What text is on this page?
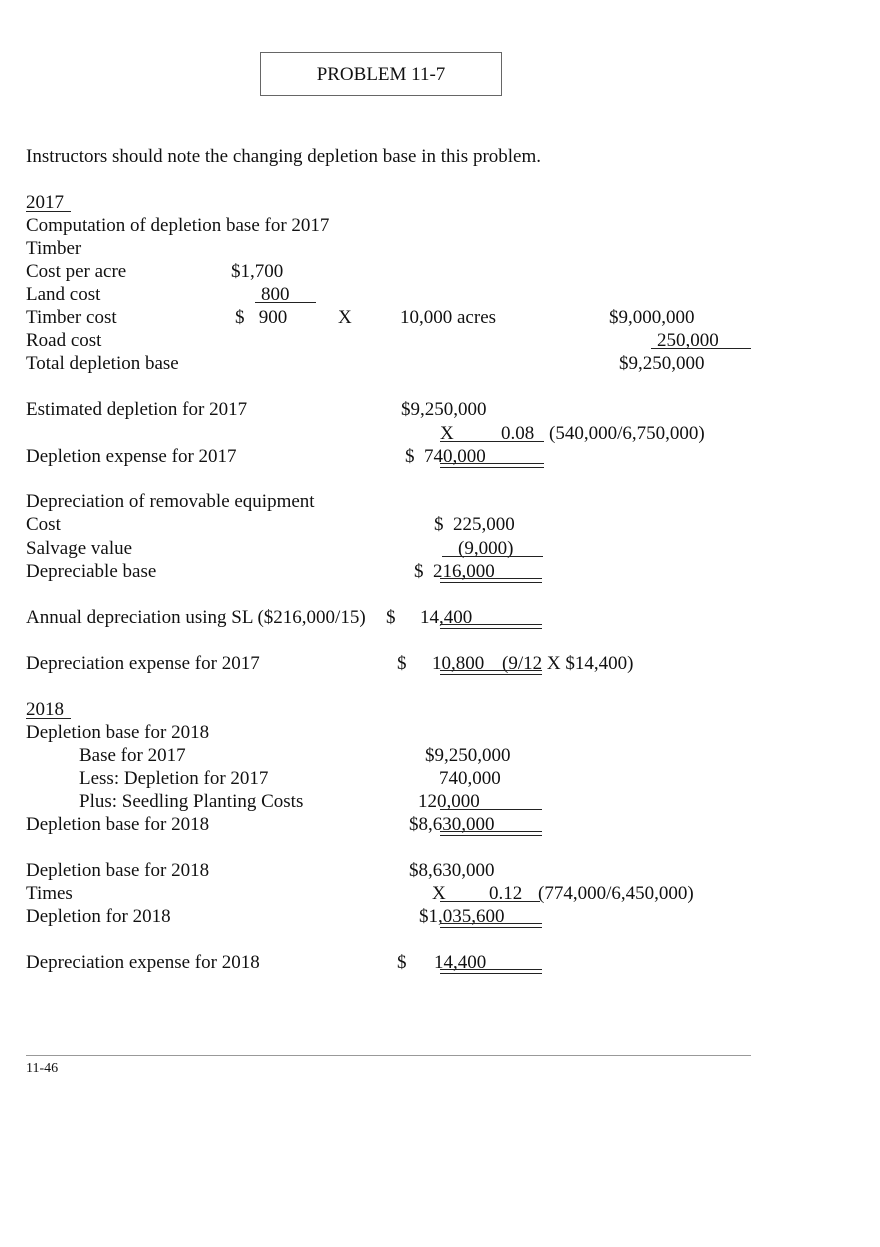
PROBLEM 11-7
Instructors should note the changing depletion base in this problem.
2017
Computation of depletion base for 2017
Timber
Cost per acre	$1,700
Land cost	800
Timber cost	$   900	X	10,000 acres	$9,000,000
Road cost	250,000
Total depletion base	$9,250,000
Estimated depletion for 2017	$9,250,000
X 0.08 (540,000/6,750,000)
Depletion expense for 2017	$  740,000
Depreciation of removable equipment
Cost	$  225,000
Salvage value	(9,000)
Depreciable base	$  216,000
Annual depreciation using SL ($216,000/15) $ 14,400
Depreciation expense for 2017	$ 10,800 (9/12 X $14,400)
2018
Depletion base for 2018
Base for 2017	$9,250,000
Less: Depletion for 2017	740,000
Plus: Seedling Planting Costs	120,000
Depletion base for 2018	$8,630,000
Depletion base for 2018	$8,630,000
Times	X 0.12 (774,000/6,450,000)
Depletion for 2018	$1,035,600
Depreciation expense for 2018	$ 14,400
11-46
